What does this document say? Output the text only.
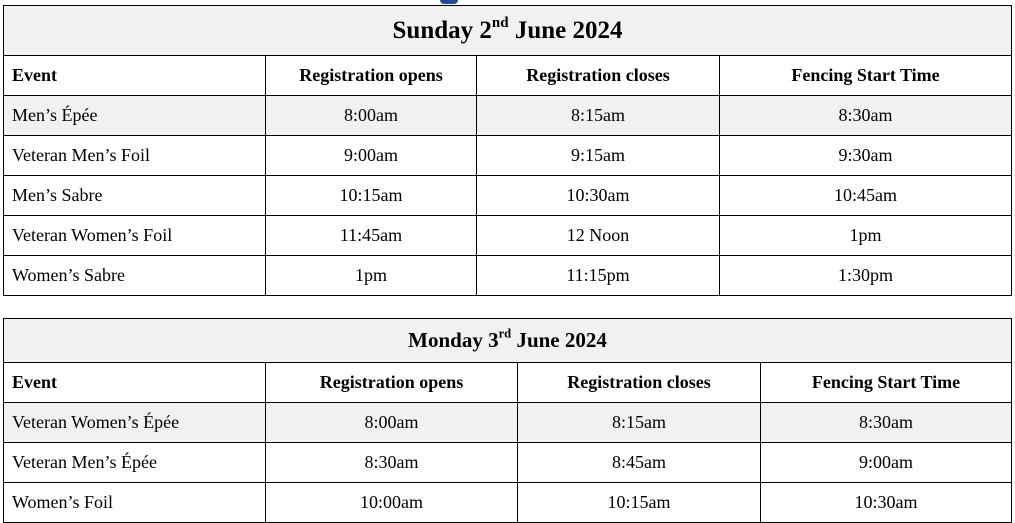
Sunday 2nd June 2024			
Event	Registration opens	Registration closes	Fencing Start Time
Men’s Épée	8:00am	8:15am	8:30am
Veteran Men’s Foil	9:00am	9:15am	9:30am
Men’s Sabre	10:15am	10:30am	10:45am
Veteran Women’s Foil	11:45am	12 Noon	1pm
Women’s Sabre	1pm	11:15pm	1:30pm
Monday 3rd June 2024			
Event	Registration opens	Registration closes	Fencing Start Time
Veteran Women’s Épée	8:00am	8:15am	8:30am
Veteran Men’s Épée	8:30am	8:45am	9:00am
Women’s Foil	10:00am	10:15am	10:30am
